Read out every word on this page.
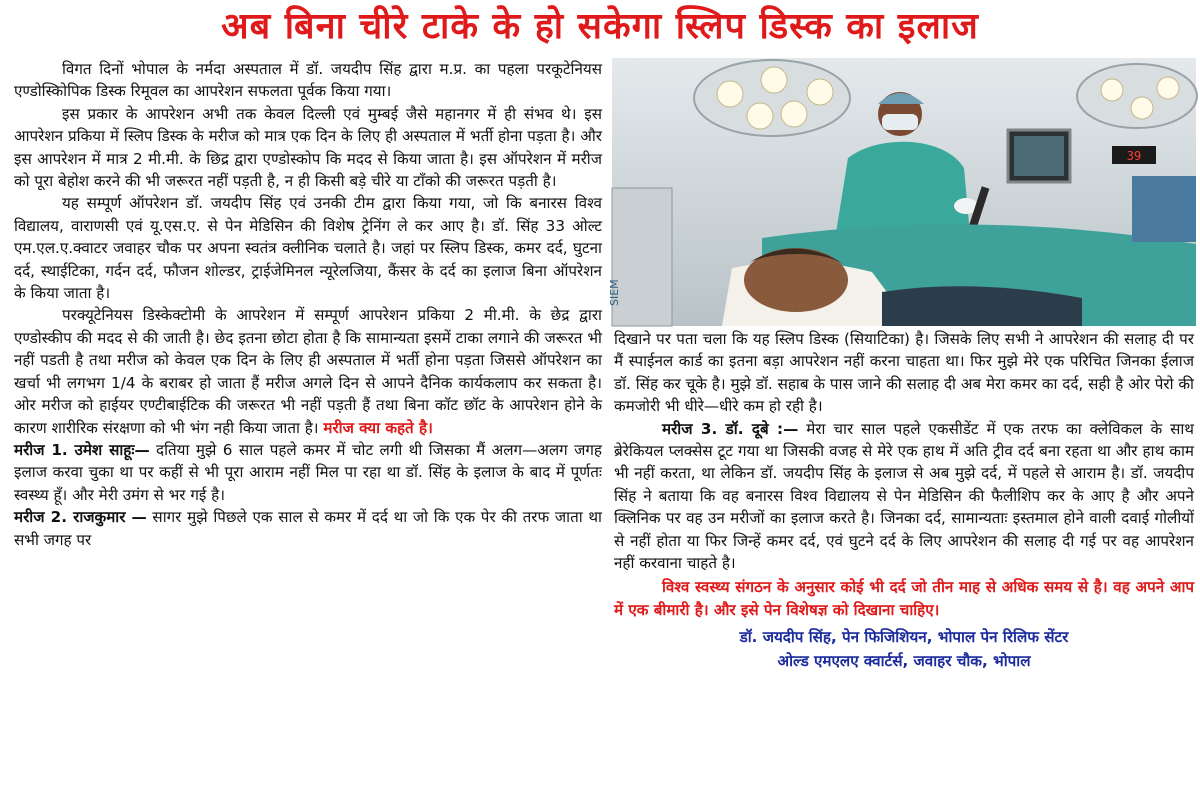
अब बिना चीरे टाके के हो सकेगा स्लिप डिस्क का इलाज

विगत दिनों भोपाल के नर्मदा अस्पताल में डॉ. जयदीप सिंह द्वारा म.प्र. का पहला परकूटेनियस एण्डोस्किोपिक डिस्क रिमूवल का आपरेशन सफलता पूर्वक किया गया।

इस प्रकार के आपरेशन अभी तक केवल दिल्ली एवं मुम्बई जैसे महानगर में ही संभव थे। इस आपरेशन प्रकिया में स्लिप डिस्क के मरीज को मात्र एक दिन के लिए ही अस्पताल में भर्ती होना पड़ता है। और इस आपरेशन में मात्र 2 मी.मी. के छिद्र द्वारा एण्डोस्कोप कि मदद से किया जाता है। इस ऑपरेशन में मरीज को पूरा बेहोश करने की भी जरूरत नहीं पड़ती है, न ही किसी बड़े चीरे या टाँको की जरूरत पड़ती है।

यह सम्पूर्ण ऑपरेशन डॉ. जयदीप सिंह एवं उनकी टीम द्वारा किया गया, जो कि बनारस विश्व विद्यालय, वाराणसी एवं यू.एस.ए. से पेन मेडिसिन की विशेष ट्रेनिंग ले कर आए है। डॉ. सिंह 33 ओल्ट एम.एल.ए.क्वाटर जवाहर चौक पर अपना स्वतंत्र क्लीनिक चलाते है। जहां पर स्लिप डिस्क, कमर दर्द, घुटना दर्द, स्थाईटिका, गर्दन दर्द, फौजन शोल्डर, ट्राईजेमिनल न्यूरेलजिया, कैंसर के दर्द का इलाज बिना ऑपरेशन के किया जाता है।

परक्यूटेनियस डिस्केक्टोमी के आपरेशन में सम्पूर्ण आपरेशन प्रकिया 2 मी.मी. के छेद्र द्वारा एण्डोस्कीप की मदद से की जाती है। छेद इतना छोटा होता है कि सामान्यता इसमें टाका लगाने की जरूरत भी नहीं पडती है तथा मरीज को केवल एक दिन के लिए ही अस्पताल में भर्ती होना पड़ता जिससे ऑपरेशन का खर्चा भी लगभग 1/4 के बराबर हो जाता हैं मरीज अगले दिन से आपने दैनिक कार्यकलाप कर सकता है। ओर मरीज को हाईयर एण्टीबाईटिक की जरूरत भी नहीं पड़ती हैं तथा बिना कॉट छॉट के आपरेशन होने के कारण शारीरिक संरक्षणा को भी भंग नही किया जाता है। मरीज क्या कहते है।

मरीज 1. उमेश साहूः— दतिया मुझे 6 साल पहले कमर में चोट लगी थी जिसका मैं अलग—अलग जगह इलाज करवा चुका था पर कहीं से भी पूरा आराम नहीं मिल पा रहा था डॉ. सिंह के इलाज के बाद में पूर्णतः स्वस्थ्य हूँ। और मेरी उमंग से भर गई है।

मरीज 2. राजकुमार — सागर मुझे पिछले एक साल से कमर में दर्द था जो कि एक पेर की तरफ जाता था सभी जगह पर

39
SIEM

दिखाने पर पता चला कि यह स्लिप डिस्क (सियाटिका) है। जिसके लिए सभी ने आपरेशन की सलाह दी पर मैं स्पाईनल कार्ड का इतना बड़ा आपरेशन नहीं करना चाहता था। फिर मुझे मेरे एक परिचित जिनका ईलाज डॉ. सिंह कर चूके है। मुझे डॉ. सहाब के पास जाने की सलाह दी अब मेरा कमर का दर्द, सही है ओर पेरो की कमजोरी भी धीरे—धीरे कम हो रही है।

मरीज 3. डॉ. दूबे :— मेरा चार साल पहले एकसीडेंट में एक तरफ का क्लेविकल के साथ ब्रेरेकियल प्लक्सेस टूट गया था जिसकी वजह से मेरे एक हाथ में अति ट्रीव दर्द बना रहता था और हाथ काम भी नहीं करता, था लेकिन डॉ. जयदीप सिंह के इलाज से अब मुझे दर्द, में पहले से आराम है। डॉ. जयदीप सिंह ने बताया कि वह बनारस विश्व विद्यालय से पेन मेडिसिन की फैलीशिप कर के आए है और अपने क्लिनिक पर वह उन मरीजों का इलाज करते है। जिनका दर्द, सामान्यताः इस्तमाल होने वाली दवाई गोलीयों से नहीं होता या फिर जिन्हें कमर दर्द, एवं घुटने दर्द के लिए आपरेशन की सलाह दी गई पर वह आपरेशन नहीं करवाना चाहते है।

विश्व स्वस्थ्य संगठन के अनुसार कोई भी दर्द जो तीन माह से अधिक समय से है। वह अपने आप में एक बीमारी है। और इसे पेन विशेषज्ञ को दिखाना चाहिए।

डॉ. जयदीप सिंह, पेन फिजिशियन, भोपाल पेन रिलिफ सेंटर
ओल्ड एमएलए क्वार्टर्स, जवाहर चौक, भोपाल
